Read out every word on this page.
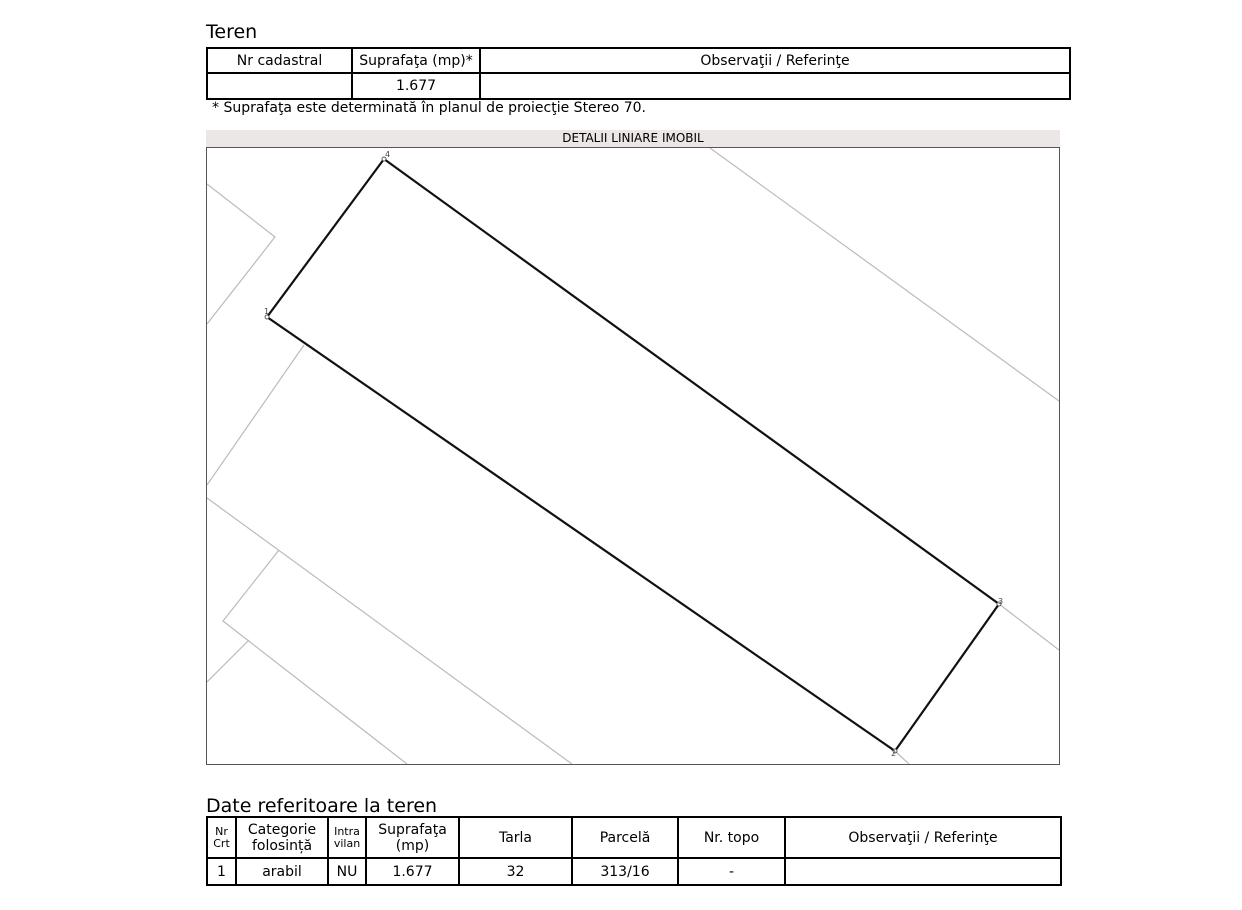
Teren
Nr cadastral	Suprafaţa (mp)*	Observaţii / Referinţe
	1.677	
* Suprafaţa este determinată în planul de proiecţie Stereo 70.
DETALII LINIARE IMOBIL
1
2
3
4
Date referitoare la teren
Nr Crt	Categorie folosință	Intra vilan	Suprafaţa (mp)	Tarla	Parcelă	Nr. topo	Observaţii / Referinţe
1	arabil	NU	1.677	32	313/16	-	
